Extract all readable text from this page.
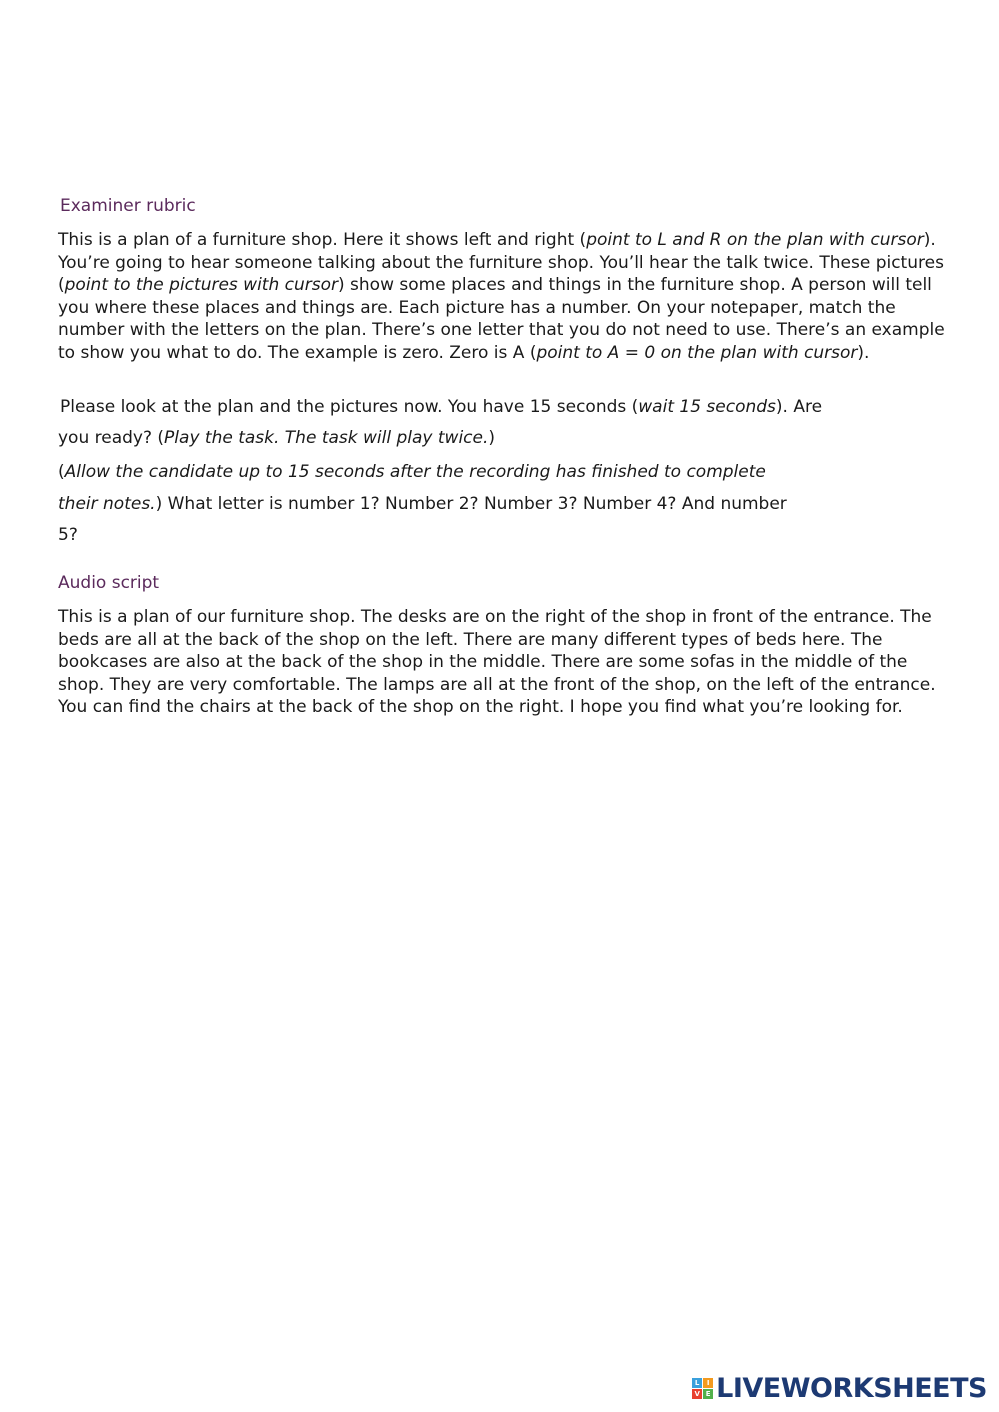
Examiner rubric

This is a plan of a furniture shop. Here it shows left and right (point to L and R on the plan with cursor). You’re going to hear someone talking about the furniture shop. You’ll hear the talk twice. These pictures (point to the pictures with cursor) show some places and things in the furniture shop. A person will tell you where these places and things are. Each picture has a number. On your notepaper, match the number with the letters on the plan. There’s one letter that you do not need to use. There’s an example to show you what to do. The example is zero. Zero is A (point to A = 0 on the plan with cursor).

Please look at the plan and the pictures now. You have 15 seconds (wait 15 seconds). Are

you ready? (Play the task. The task will play twice.)

(Allow the candidate up to 15 seconds after the recording has finished to complete

their notes.) What letter is number 1? Number 2? Number 3? Number 4? And number

5?

Audio script

This is a plan of our furniture shop. The desks are on the right of the shop in front of the entrance. The beds are all at the back of the shop on the left. There are many different types of beds here. The bookcases are also at the back of the shop in the middle. There are some sofas in the middle of the shop. They are very comfortable. The lamps are all at the front of the shop, on the left of the entrance. You can find the chairs at the back of the shop on the right. I hope you find what you’re looking for.

L	I
V E LIVEWORKSHEETS
